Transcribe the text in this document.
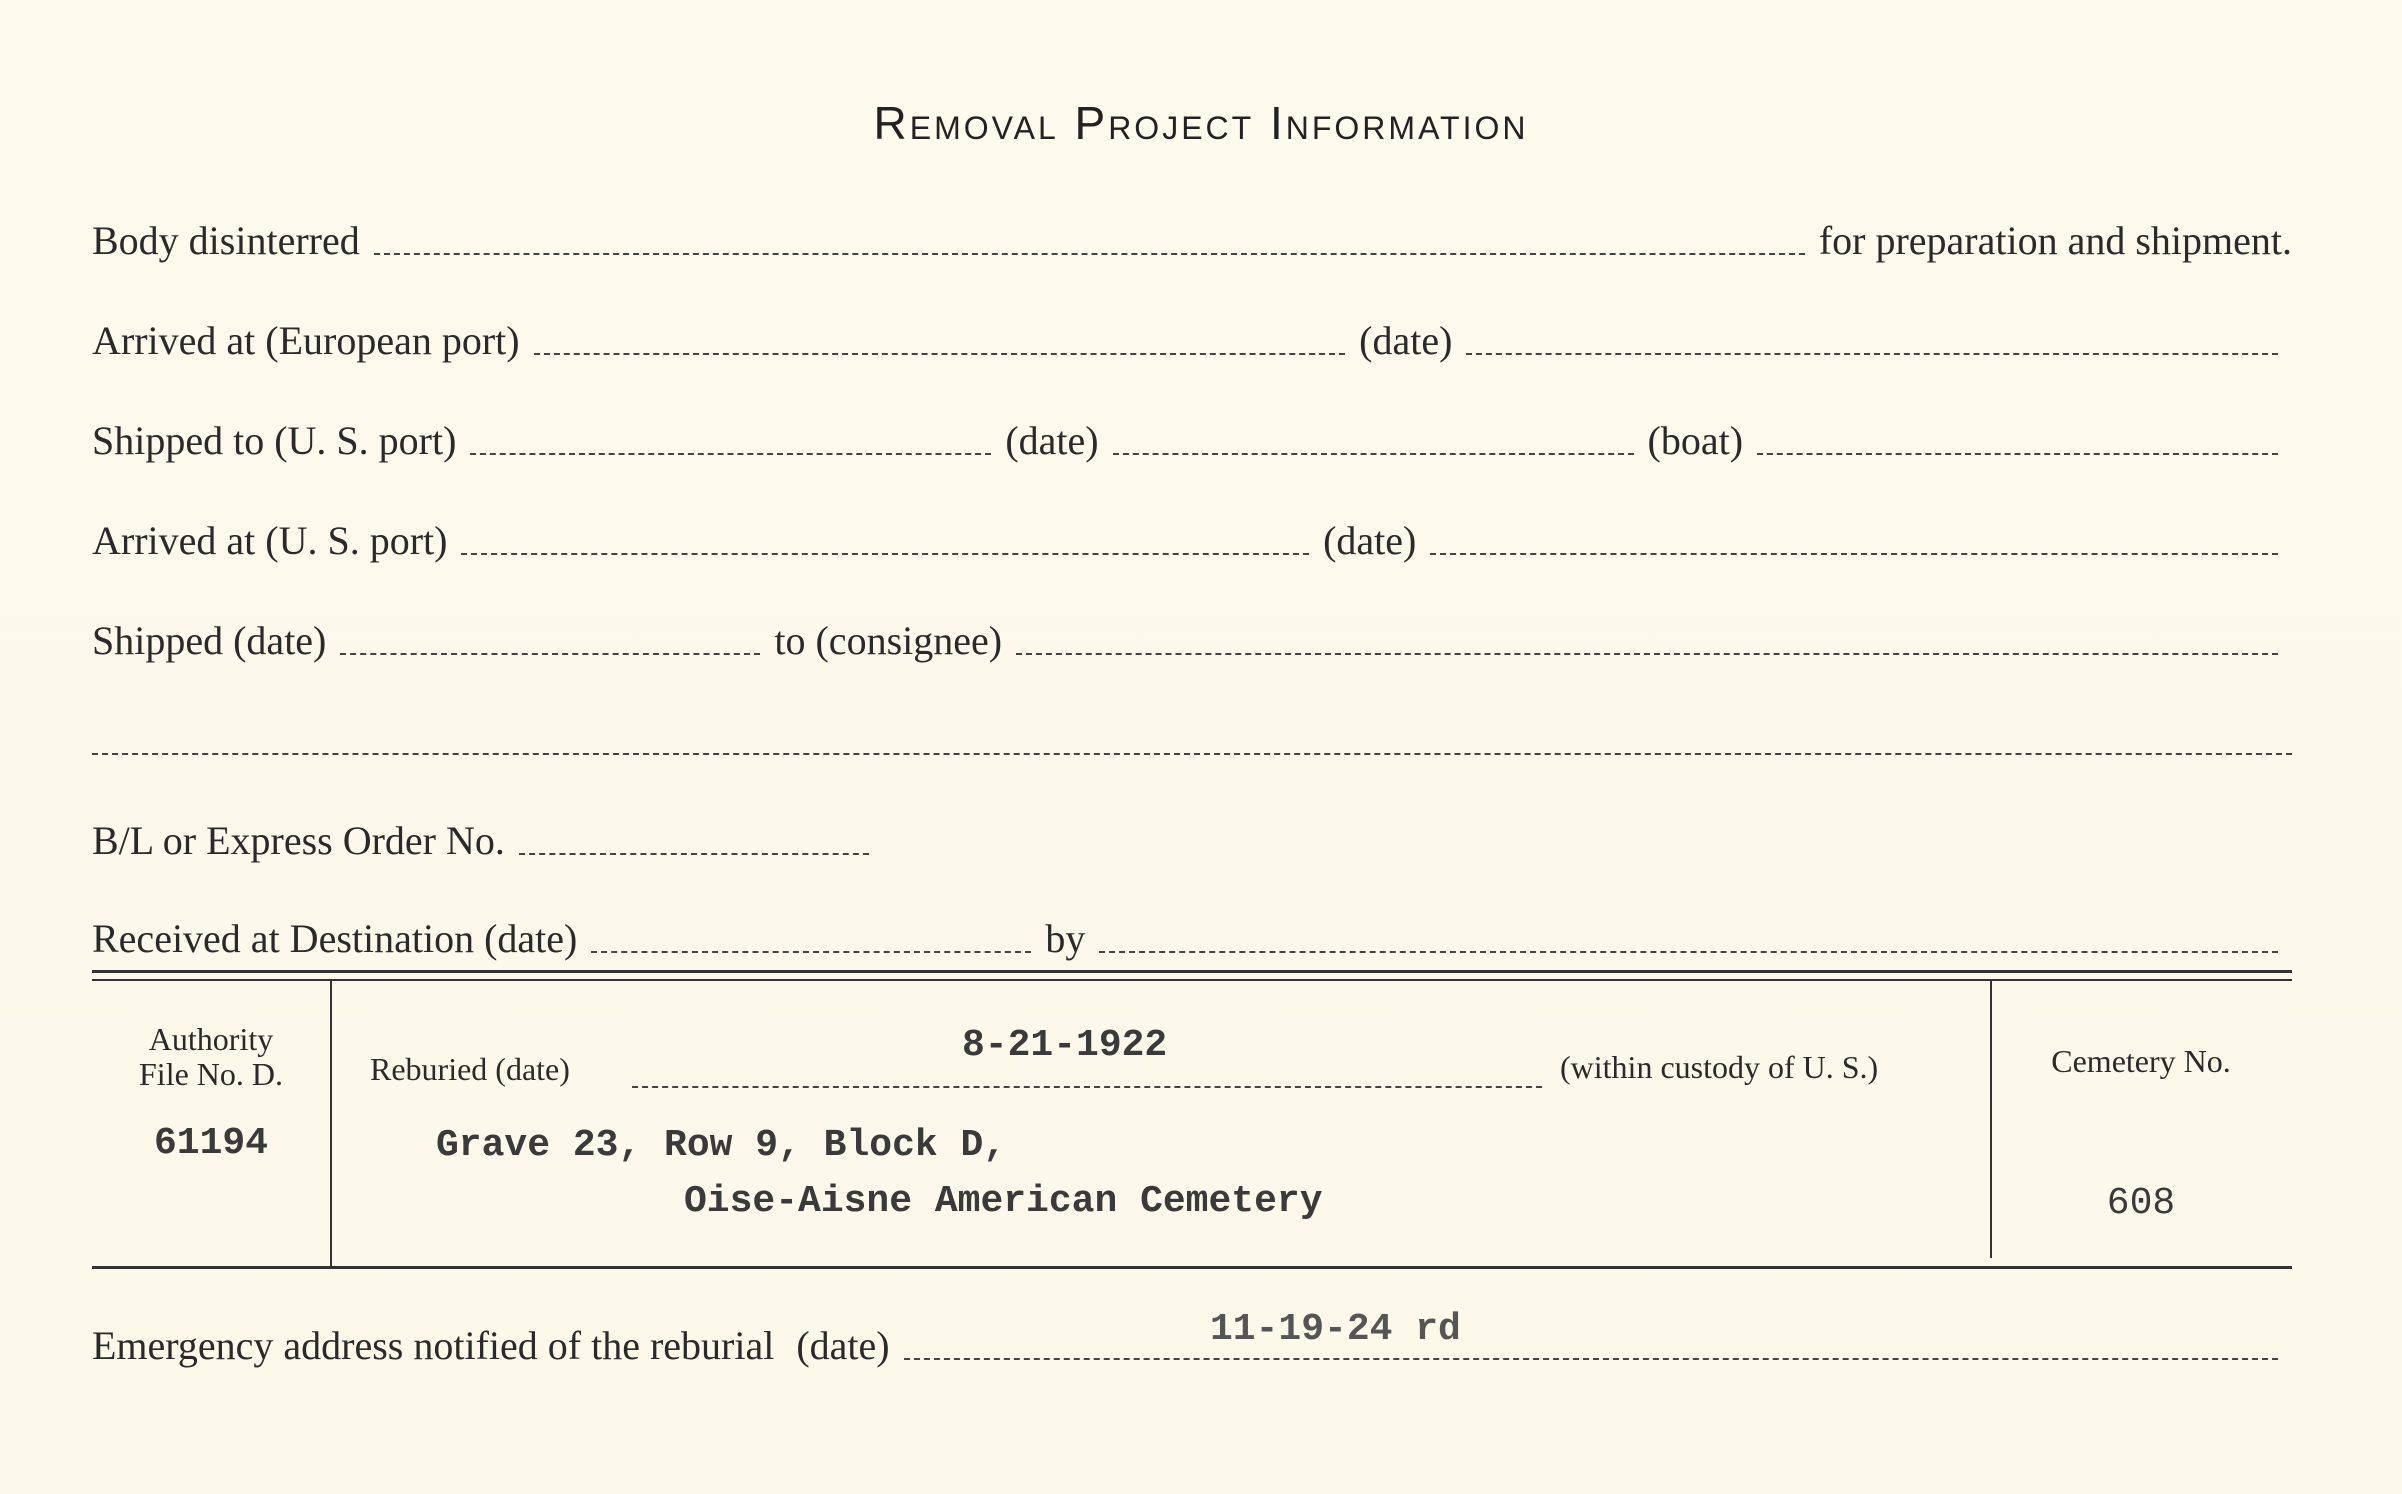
Removal Project Information
Body disinterred	for preparation and shipment.
Arrived at (European port)	(date)
Shipped to (U. S. port)	(date)	(boat)
Arrived at (U. S. port)	(date)
Shipped (date)	to (consignee)
B/L or Express Order No.
Received at Destination (date)	by
Authority
File No. D.
61194
Reburied (date)
8-21-1922	(within custody of U. S.)
Grave 23, Row 9, Block D,
Oise-Aisne American Cemetery
Cemetery No.
608
Emergency address notified of the reburial (date)	11-19-24 rd
